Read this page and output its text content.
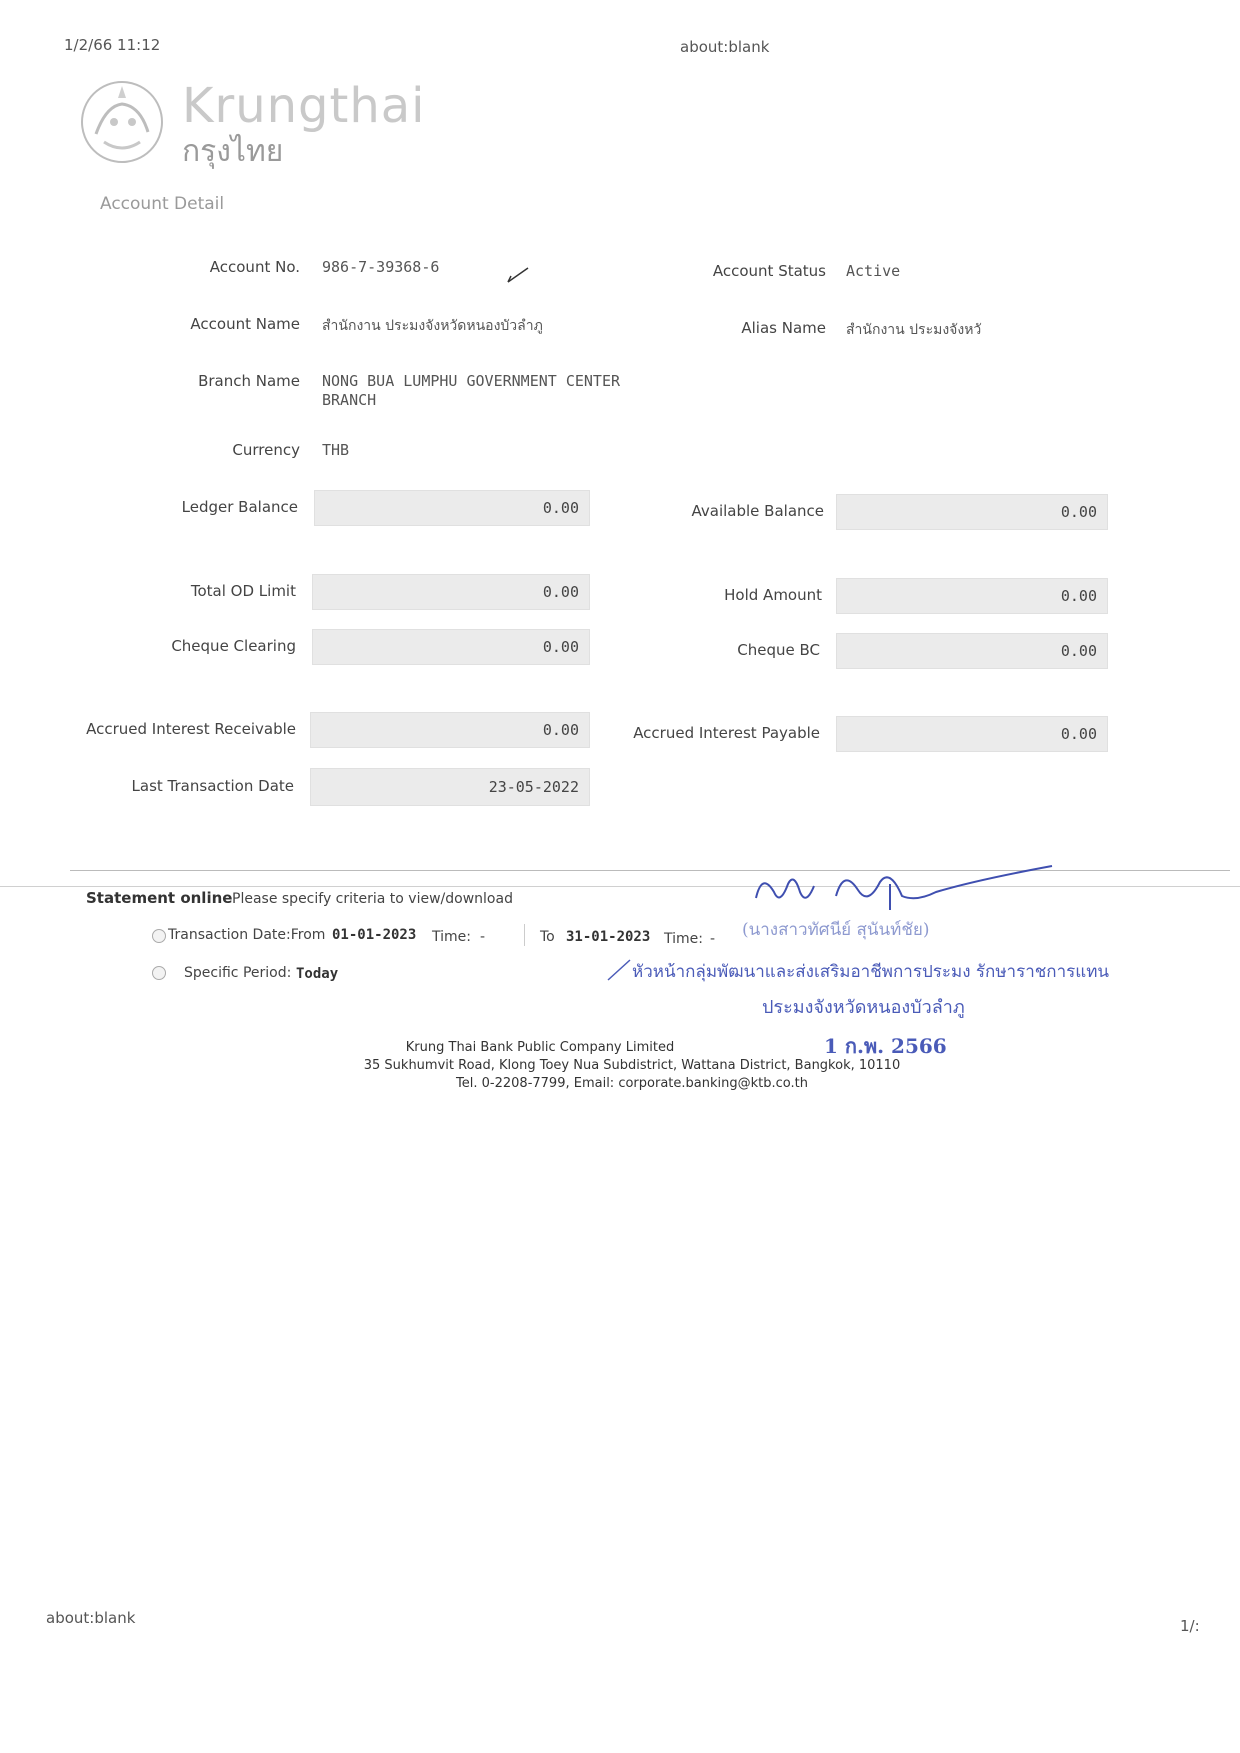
1/2/66 11:12	about:blank
Krungthai
กรุงไทย
Account Detail
Account No. 986-7-39368-6	Account Status Active
Account Name สำนักงาน ประมงจังหวัดหนองบัวลำภู	Alias Name สำนักงาน ประมงจังหวั
Branch Name NONG BUA LUMPHU GOVERNMENT CENTER BRANCH
Currency THB
Ledger Balance	0.00	Available Balance	0.00
Total OD Limit	0.00	Hold Amount	0.00
Cheque Clearing	0.00	Cheque BC	0.00
Accrued Interest Receivable	0.00	Accrued Interest Payable	0.00
Last Transaction Date	23-05-2022
Statement online Please specify criteria to view/download
Transaction Date:From 01-01-2023 Time: -	To 31-01-2023 Time: -
Specific Period: Today
(นางสาวทัศนีย์ สุนันท์ชัย)
หัวหน้ากลุ่มพัฒนาและส่งเสริมอาชีพการประมง รักษาราชการแทน
ประมงจังหวัดหนองบัวลำภู
1 ก.พ. 2566
Krung Thai Bank Public Company Limited
35 Sukhumvit Road, Klong Toey Nua Subdistrict, Wattana District, Bangkok, 10110
Tel. 0-2208-7799, Email: corporate.banking@ktb.co.th
about:blank	1/:
